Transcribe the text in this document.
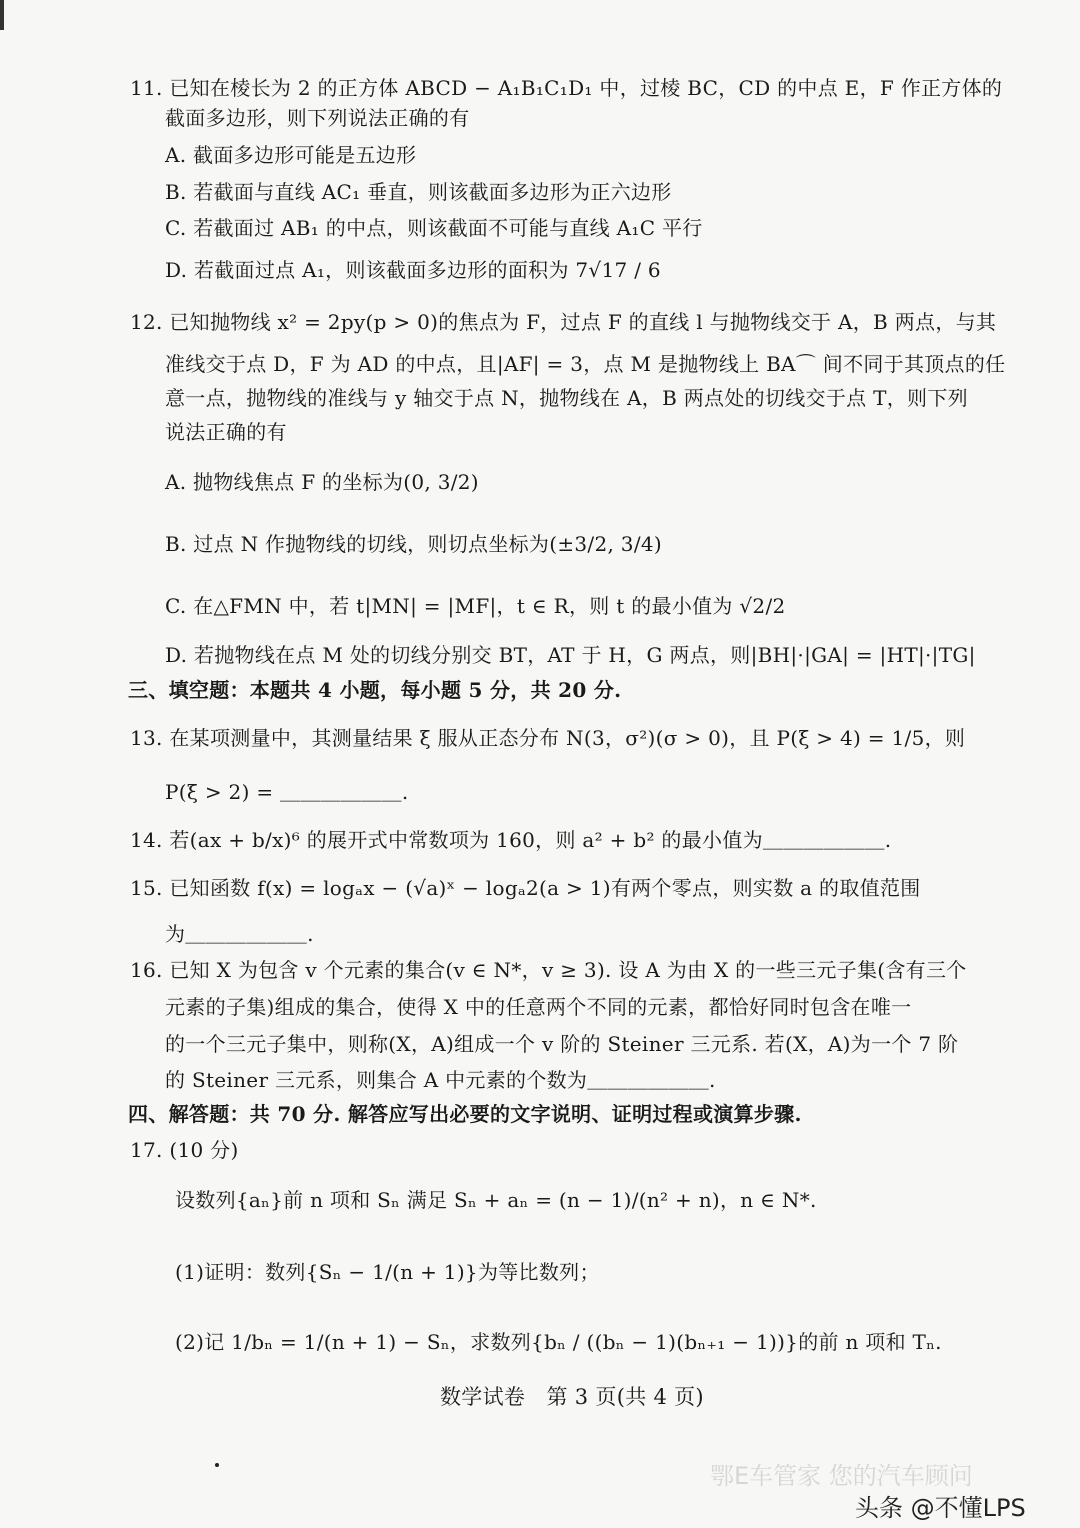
11. 已知在棱长为 2 的正方体 ABCD − A₁B₁C₁D₁ 中，过棱 BC，CD 的中点 E，F 作正方体的
截面多边形，则下列说法正确的有
A. 截面多边形可能是五边形
B. 若截面与直线 AC₁ 垂直，则该截面多边形为正六边形
C. 若截面过 AB₁ 的中点，则该截面不可能与直线 A₁C 平行
D. 若截面过点 A₁，则该截面多边形的面积为 7√17 / 6
12. 已知抛物线 x² = 2py(p > 0)的焦点为 F，过点 F 的直线 l 与抛物线交于 A，B 两点，与其
准线交于点 D，F 为 AD 的中点，且|AF| = 3，点 M 是抛物线上 BA⌒ 间不同于其顶点的任
意一点，抛物线的准线与 y 轴交于点 N，抛物线在 A，B 两点处的切线交于点 T，则下列
说法正确的有
A. 抛物线焦点 F 的坐标为(0, 3/2)
B. 过点 N 作抛物线的切线，则切点坐标为(±3/2, 3/4)
C. 在△FMN 中，若 t|MN| = |MF|，t ∈ R，则 t 的最小值为 √2/2
D. 若抛物线在点 M 处的切线分别交 BT，AT 于 H，G 两点，则|BH|·|GA| = |HT|·|TG|
三、填空题：本题共 4 小题，每小题 5 分，共 20 分.
13. 在某项测量中，其测量结果 ξ 服从正态分布 N(3，σ²)(σ > 0)，且 P(ξ > 4) = 1/5，则
P(ξ > 2) = ＿＿＿＿＿＿.
14. 若(ax + b/x)⁶ 的展开式中常数项为 160，则 a² + b² 的最小值为＿＿＿＿＿＿.
15. 已知函数 f(x) = logₐx − (√a)ˣ − logₐ2(a > 1)有两个零点，则实数 a 的取值范围
为＿＿＿＿＿＿.
16. 已知 X 为包含 v 个元素的集合(v ∈ N*，v ≥ 3). 设 A 为由 X 的一些三元子集(含有三个
元素的子集)组成的集合，使得 X 中的任意两个不同的元素，都恰好同时包含在唯一
的一个三元子集中，则称(X，A)组成一个 v 阶的 Steiner 三元系. 若(X，A)为一个 7 阶
的 Steiner 三元系，则集合 A 中元素的个数为＿＿＿＿＿＿.
四、解答题：共 70 分. 解答应写出必要的文字说明、证明过程或演算步骤.
17. (10 分)
设数列{aₙ}前 n 项和 Sₙ 满足 Sₙ + aₙ = (n − 1)/(n² + n)，n ∈ N*.
(1)证明：数列{Sₙ − 1/(n + 1)}为等比数列；
(2)记 1/bₙ = 1/(n + 1) − Sₙ，求数列{bₙ / ((bₙ − 1)(bₙ₊₁ − 1))}的前 n 项和 Tₙ.
数学试卷　第 3 页(共 4 页)
鄂E车管家 您的汽车顾问
头条 @不懂LPS
